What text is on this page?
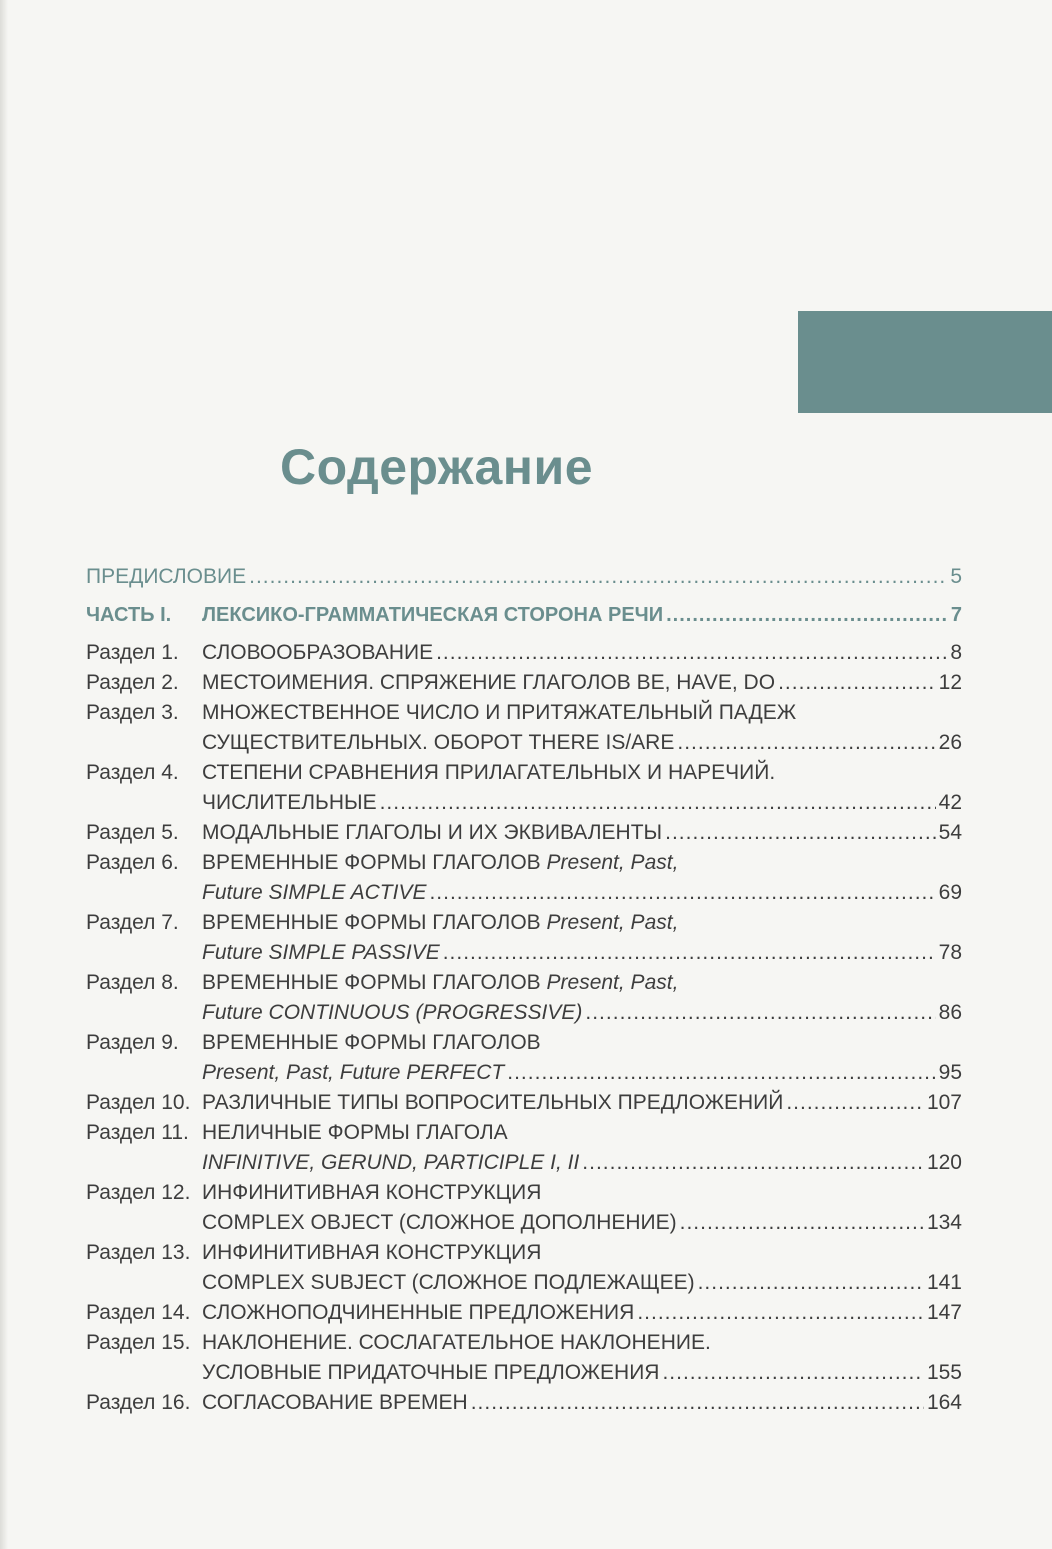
Содержание
ПРЕДИСЛОВИЕ .....	5
ЧАСТЬ I.	ЛЕКСИКО-ГРАММАТИЧЕСКАЯ СТОРОНА РЕЧИ .....	7
Раздел 1.	СЛОВООБРАЗОВАНИЕ .....	8
Раздел 2.	МЕСТОИМЕНИЯ. СПРЯЖЕНИЕ ГЛАГОЛОВ BE, HAVE, DO .....	12
Раздел 3.	МНОЖЕСТВЕННОЕ ЧИСЛО И ПРИТЯЖАТЕЛЬНЫЙ ПАДЕЖ
СУЩЕСТВИТЕЛЬНЫХ. ОБОРОТ THERE IS/ARE .....	26
Раздел 4.	СТЕПЕНИ СРАВНЕНИЯ ПРИЛАГАТЕЛЬНЫХ И НАРЕЧИЙ.
ЧИСЛИТЕЛЬНЫЕ .....	42
Раздел 5.	МОДАЛЬНЫЕ ГЛАГОЛЫ И ИХ ЭКВИВАЛЕНТЫ .....	54
Раздел 6.	ВРЕМЕННЫЕ ФОРМЫ ГЛАГОЛОВ Present, Past,
Future SIMPLE ACTIVE .....	69
Раздел 7.	ВРЕМЕННЫЕ ФОРМЫ ГЛАГОЛОВ Present, Past,
Future SIMPLE PASSIVE .....	78
Раздел 8.	ВРЕМЕННЫЕ ФОРМЫ ГЛАГОЛОВ Present, Past,
Future CONTINUOUS (PROGRESSIVE) .....	86
Раздел 9.	ВРЕМЕННЫЕ ФОРМЫ ГЛАГОЛОВ
Present, Past, Future PERFECT .....	95
Раздел 10. РАЗЛИЧНЫЕ ТИПЫ ВОПРОСИТЕЛЬНЫХ ПРЕДЛОЖЕНИЙ .....	107
Раздел 11. НЕЛИЧНЫЕ ФОРМЫ ГЛАГОЛА
INFINITIVE, GERUND, PARTICIPLE I, II .....	120
Раздел 12. ИНФИНИТИВНАЯ КОНСТРУКЦИЯ
COMPLEX OBJECT (СЛОЖНОЕ ДОПОЛНЕНИЕ) .....	134
Раздел 13. ИНФИНИТИВНАЯ КОНСТРУКЦИЯ
COMPLEX SUBJECT (СЛОЖНОЕ ПОДЛЕЖАЩЕЕ) .....	141
Раздел 14. СЛОЖНОПОДЧИНЕННЫЕ ПРЕДЛОЖЕНИЯ .....	147
Раздел 15. НАКЛОНЕНИЕ. СОСЛАГАТЕЛЬНОЕ НАКЛОНЕНИЕ.
УСЛОВНЫЕ ПРИДАТОЧНЫЕ ПРЕДЛОЖЕНИЯ .....	155
Раздел 16. СОГЛАСОВАНИЕ ВРЕМЕН .....	164
